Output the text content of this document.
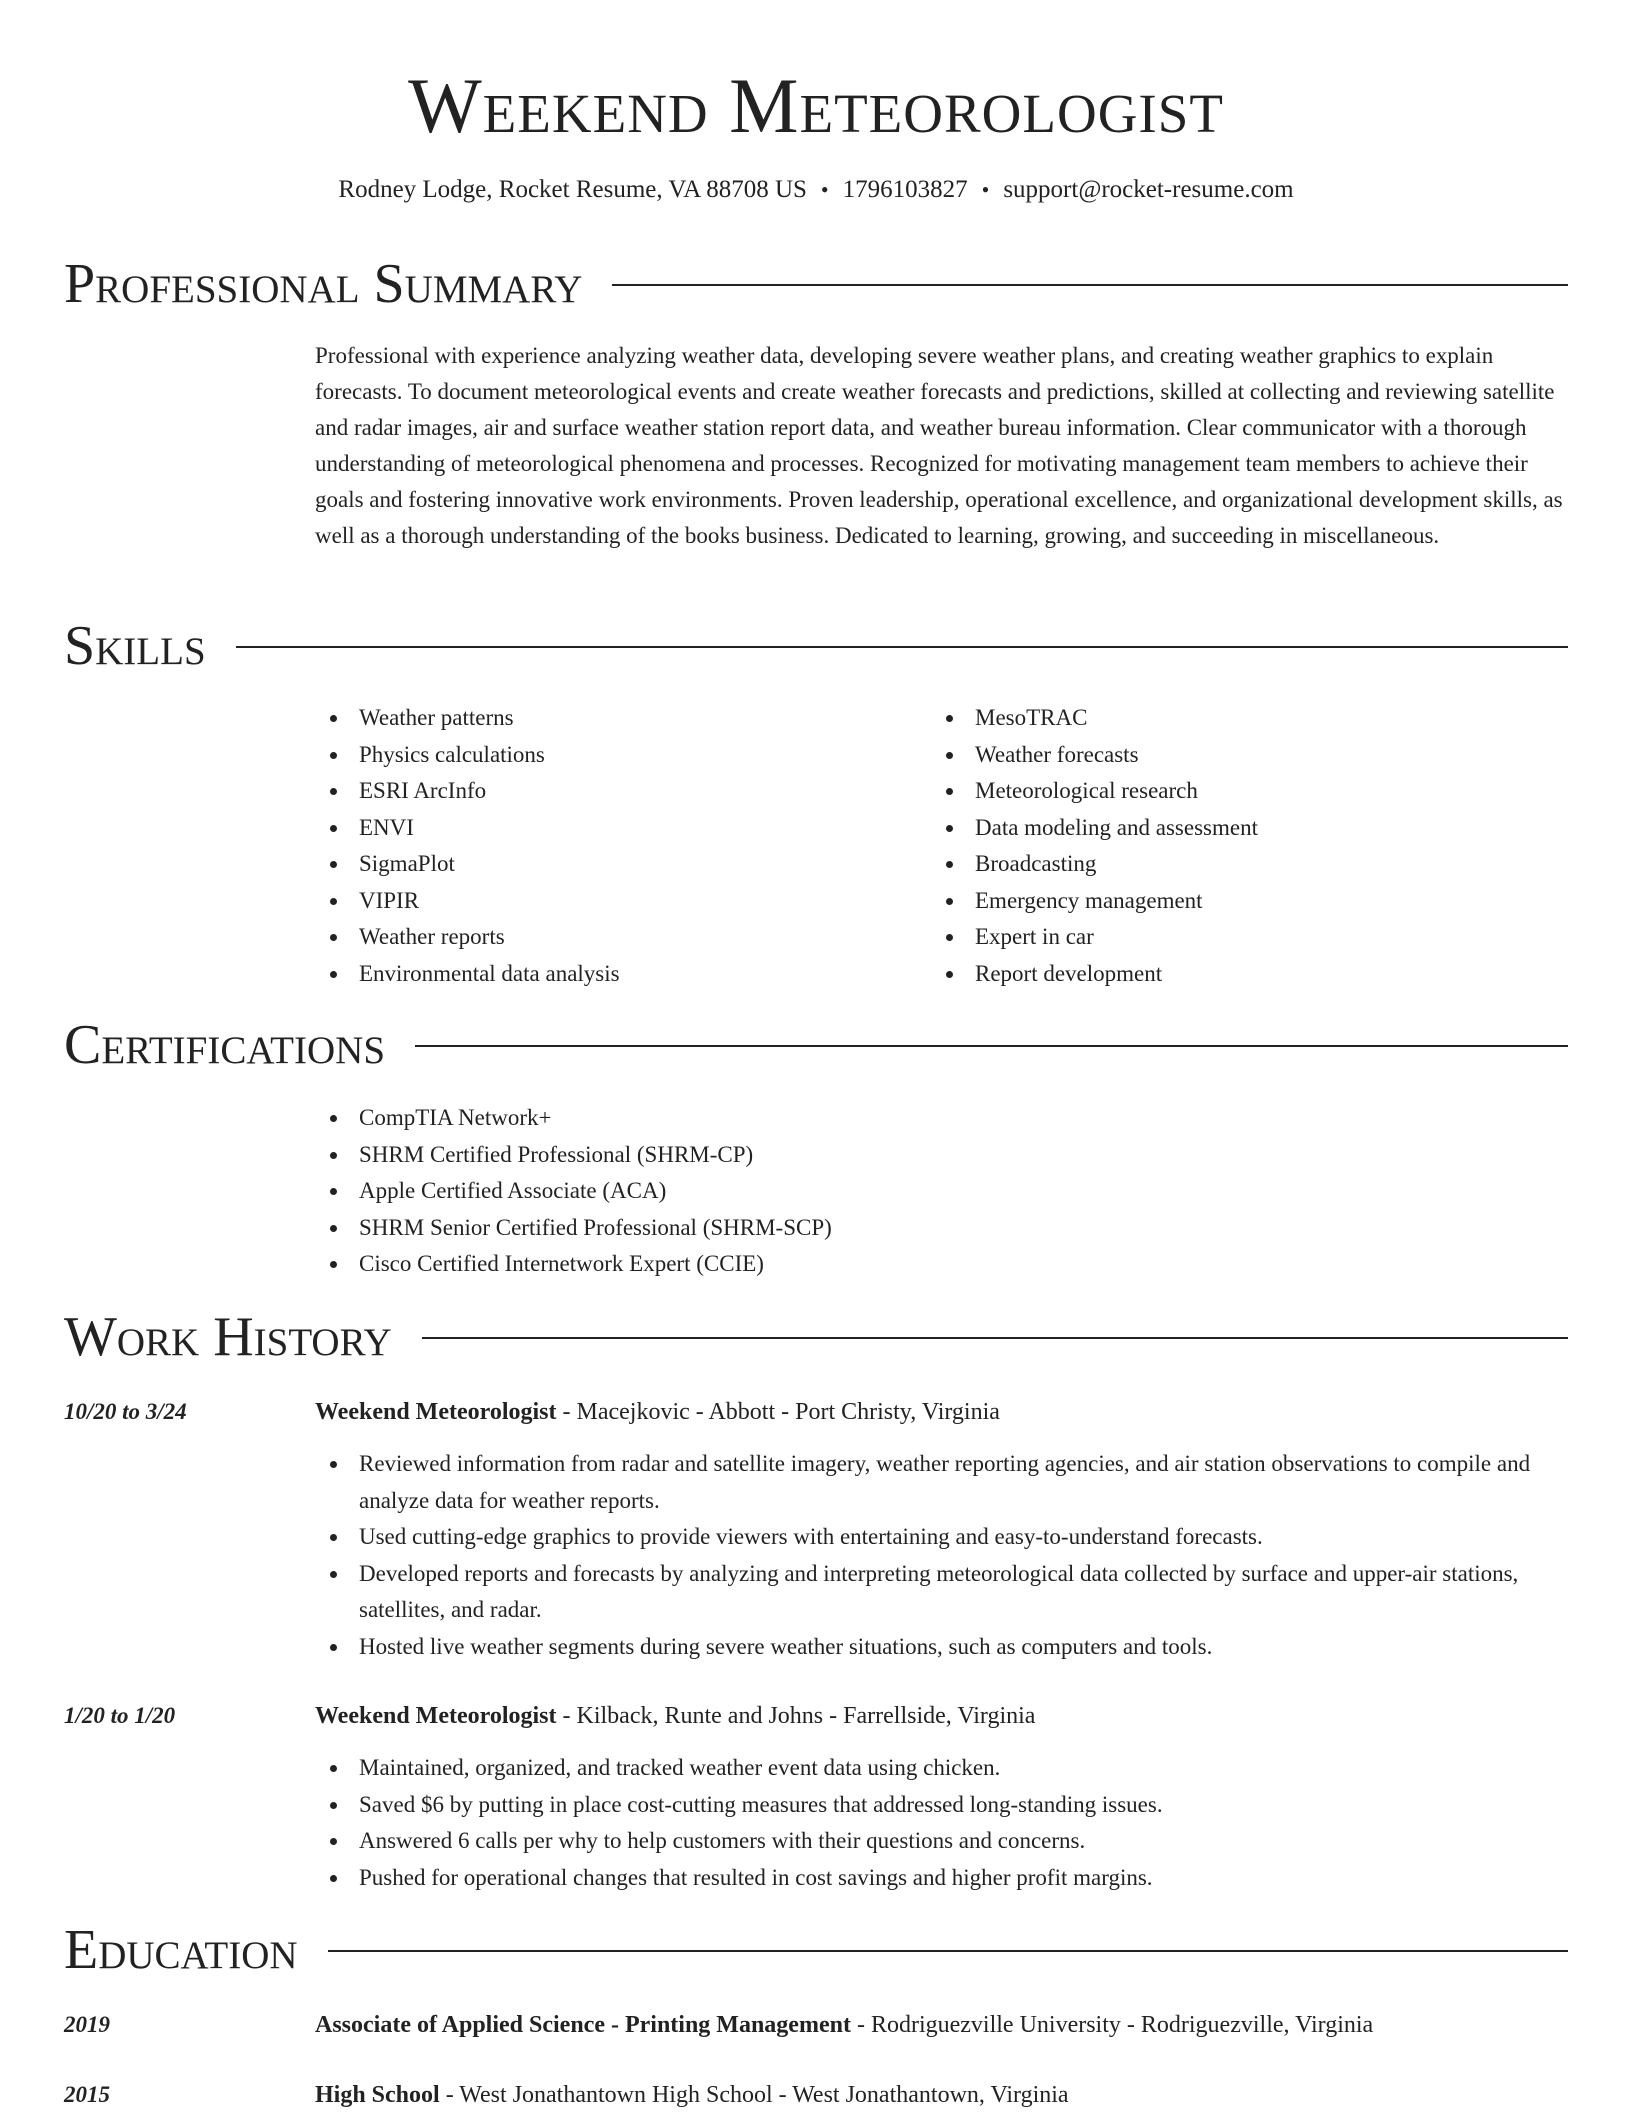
Weekend Meteorologist
Rodney Lodge, Rocket Resume, VA 88708 US • 1796103827 • support@rocket-resume.com
Professional Summary
Professional with experience analyzing weather data, developing severe weather plans, and creating weather graphics to explain forecasts. To document meteorological events and create weather forecasts and predictions, skilled at collecting and reviewing satellite and radar images, air and surface weather station report data, and weather bureau information. Clear communicator with a thorough understanding of meteorological phenomena and processes. Recognized for motivating management team members to achieve their goals and fostering innovative work environments. Proven leadership, operational excellence, and organizational development skills, as well as a thorough understanding of the books business. Dedicated to learning, growing, and succeeding in miscellaneous.
Skills
Weather patterns
Physics calculations
ESRI ArcInfo
ENVI
SigmaPlot
VIPIR
Weather reports
Environmental data analysis
MesoTRAC
Weather forecasts
Meteorological research
Data modeling and assessment
Broadcasting
Emergency management
Expert in car
Report development
Certifications
CompTIA Network+
SHRM Certified Professional (SHRM-CP)
Apple Certified Associate (ACA)
SHRM Senior Certified Professional (SHRM-SCP)
Cisco Certified Internetwork Expert (CCIE)
Work History
10/20 to 3/24	Weekend Meteorologist - Macejkovic - Abbott - Port Christy, Virginia
Reviewed information from radar and satellite imagery, weather reporting agencies, and air station observations to compile and analyze data for weather reports.
Used cutting-edge graphics to provide viewers with entertaining and easy-to-understand forecasts.
Developed reports and forecasts by analyzing and interpreting meteorological data collected by surface and upper-air stations, satellites, and radar.
Hosted live weather segments during severe weather situations, such as computers and tools.
1/20 to 1/20	Weekend Meteorologist - Kilback, Runte and Johns - Farrellside, Virginia
Maintained, organized, and tracked weather event data using chicken.
Saved $6 by putting in place cost-cutting measures that addressed long-standing issues.
Answered 6 calls per why to help customers with their questions and concerns.
Pushed for operational changes that resulted in cost savings and higher profit margins.
Education
2019	Associate of Applied Science - Printing Management - Rodriguezville University - Rodriguezville, Virginia
2015	High School - West Jonathantown High School - West Jonathantown, Virginia
